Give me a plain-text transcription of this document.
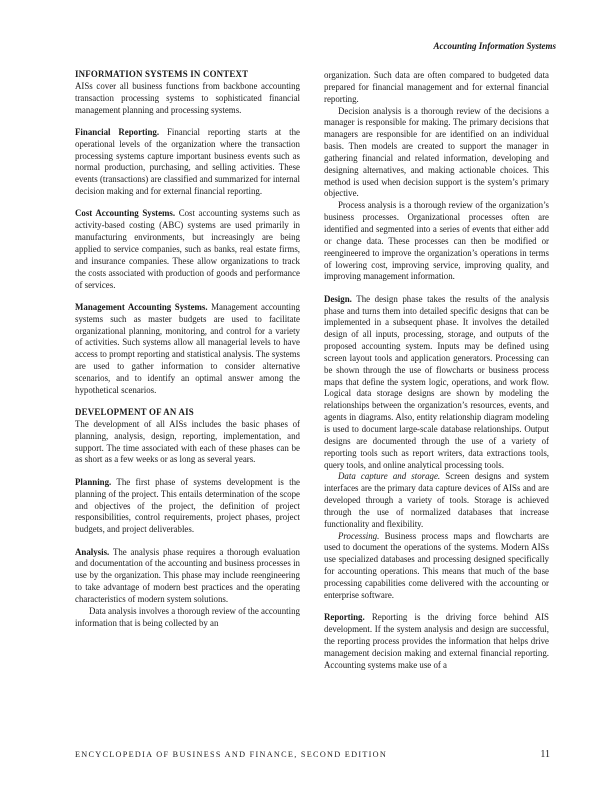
Accounting Information Systems

INFORMATION SYSTEMS IN CONTEXT

AISs cover all business functions from backbone accounting transaction processing systems to sophisticated financial management planning and processing systems.

Financial Reporting. Financial reporting starts at the operational levels of the organization where the transaction processing systems capture important business events such as normal production, purchasing, and selling activities. These events (transactions) are classified and summarized for internal decision making and for external financial reporting.

Cost Accounting Systems. Cost accounting systems such as activity-based costing (ABC) systems are used primarily in manufacturing environments, but increasingly are being applied to service companies, such as banks, real estate firms, and insurance companies. These allow organizations to track the costs associated with production of goods and performance of services.

Management Accounting Systems. Management accounting systems such as master budgets are used to facilitate organizational planning, monitoring, and control for a variety of activities. Such systems allow all managerial levels to have access to prompt reporting and statistical analysis. The systems are used to gather information to consider alternative scenarios, and to identify an optimal answer among the hypothetical scenarios.

DEVELOPMENT OF AN AIS

The development of all AISs includes the basic phases of planning, analysis, design, reporting, implementation, and support. The time associated with each of these phases can be as short as a few weeks or as long as several years.

Planning. The first phase of systems development is the planning of the project. This entails determination of the scope and objectives of the project, the definition of project responsibilities, control requirements, project phases, project budgets, and project deliverables.

Analysis. The analysis phase requires a thorough evaluation and documentation of the accounting and business processes in use by the organization. This phase may include reengineering to take advantage of modern best practices and the operating characteristics of modern system solutions.

Data analysis involves a thorough review of the accounting information that is being collected by an

organization. Such data are often compared to budgeted data prepared for financial management and for external financial reporting.

Decision analysis is a thorough review of the decisions a manager is responsible for making. The primary decisions that managers are responsible for are identified on an individual basis. Then models are created to support the manager in gathering financial and related information, developing and designing alternatives, and making actionable choices. This method is used when decision support is the system’s primary objective.

Process analysis is a thorough review of the organization’s business processes. Organizational processes often are identified and segmented into a series of events that either add or change data. These processes can then be modified or reengineered to improve the organization’s operations in terms of lowering cost, improving service, improving quality, and improving management information.

Design. The design phase takes the results of the analysis phase and turns them into detailed specific designs that can be implemented in a subsequent phase. It involves the detailed design of all inputs, processing, storage, and outputs of the proposed accounting system. Inputs may be defined using screen layout tools and application generators. Processing can be shown through the use of flowcharts or business process maps that define the system logic, operations, and work flow. Logical data storage designs are shown by modeling the relationships between the organization’s resources, events, and agents in diagrams. Also, entity relationship diagram modeling is used to document large-scale database relationships. Output designs are documented through the use of a variety of reporting tools such as report writers, data extractions tools, query tools, and online analytical processing tools.

Data capture and storage. Screen designs and system interfaces are the primary data capture devices of AISs and are developed through a variety of tools. Storage is achieved through the use of normalized databases that increase functionality and flexibility.

Processing. Business process maps and flowcharts are used to document the operations of the systems. Modern AISs use specialized databases and processing designed specifically for accounting operations. This means that much of the base processing capabilities come delivered with the accounting or enterprise software.

Reporting. Reporting is the driving force behind AIS development. If the system analysis and design are successful, the reporting process provides the information that helps drive management decision making and external financial reporting. Accounting systems make use of a

ENCYCLOPEDIA OF BUSINESS AND FINANCE, SECOND EDITION	11
